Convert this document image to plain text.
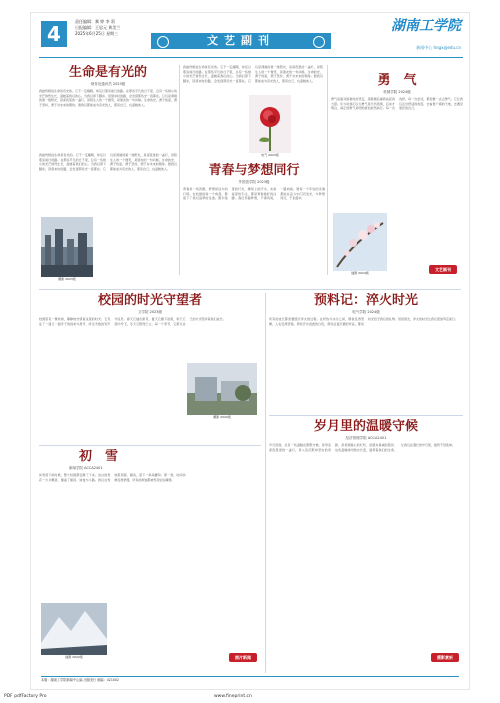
4
责任编辑：黎 婷 李 莉
日报编辑：王思元 黄美兰
2025年6月25日 星期三
文艺副刊
湖南工学院
新闻中心 hngx@edu.cn
生命是有光的
财务处通讯员 2023级
我始终相信生命是有光的。它不一定耀眼，却足以照亮前行的路。在那些平凡的日子里，总有一些细小的光芒悄然生长，温暖着我们的心。当我们停下脚步，回望来时的路，会发现那些光一直都在。它们是清晨的第一缕阳光，是深夜里的一盏灯，是陌生人的一个微笑，是朋友的一句问候。生命的光，源于热爱，源于坚持，源于对未来的期待。愿我们都能成为有光的人，照亮自己，也温暖他人。
我始终相信生命是有光的。它不一定耀眼，却足以照亮前行的路。在那些平凡的日子里，总有一些细小的光芒悄然生长，温暖着我们的心。当我们停下脚步，回望来时的路，会发现那些光一直都在。它们是清晨的第一缕阳光，是深夜里的一盏灯，是陌生人的一个微笑，是朋友的一句问候。生命的光，源于热爱，源于坚持，源于对未来的期待。愿我们都能成为有光的人，照亮自己，也温暖他人。
摄影 2023级
我始终相信生命是有光的。它不一定耀眼，却足以照亮前行的路。在那些平凡的日子里，总有一些细小的光芒悄然生长，温暖着我们的心。当我们停下脚步，回望来时的路，会发现那些光一直都在。它们是清晨的第一缕阳光，是深夜里的一盏灯，是陌生人的一个微笑，是朋友的一句问候。生命的光，源于热爱，源于坚持，源于对未来的期待。愿我们都能成为有光的人，照亮自己，也温暖他人。
电气 2023级
勇　气
机械学院 2024级
勇气是面对困难时的坚定，是跌倒后重新站起的力量。年少时我们以为勇气是无所畏惧，后来才明白，真正的勇气是明知害怕依然前行。每一次选择，每一次尝试，都需要一点点勇气。它让我们走出舒适的角落，去看更广阔的天地，去遇见更好的自己。
插图 2024级
文艺副刊
青春与梦想同行
外国语学院 2023级
青春是一场奔跑，梦想是远方的灯塔。在校园的每一个角落，都留下了我们追梦的足迹。图书馆里的灯光，操场上的汗水，实验室里的专注，都是青春最好的注脚。我们怀揣梦想，不惧风雨，一路向前。愿每一个年轻的灵魂都能在奋斗中闪闪发光，与梦想同行，不负韶华。
校园的时光守望者
文学院 2023级
校园里有一棵老树，静静地守望着这里的时光。它见证了一届又一届学子的到来与离开，听过无数的笑声与叹息。春天它抽出新芽，夏天它撒下浓荫，秋天它落叶纷飞，冬天它默然伫立。每一个季节，它都以自己的方式陪伴着我们成长。
摄影 2022级
预料记：淬火时光
电气学院 2024级
所有的成长都需要经历淬火的过程。在炽热与冰冷之间，钢铁变得坚硬，人也变得坚强。那些汗水浸透的日夜，那些反复打磨的作品，都是时光给予我们的礼物。回首望去，淬火的时光让我们更加笃定前行。
初　雪
新闻学院 ACCA2401
初雪落下的时候，整个校园都安静了下来。洁白的雪花一片片飘落，覆盖了屋顶、树枝与小路。我们在雪地里奔跑、嬉戏，留下一串串脚印。那一刻，时间仿佛变得很慢，所有的烦恼都被雪花轻轻掩埋。
插图 2022级	图片新闻
岁月里的温暖守候
经济管理学院 ACCA2401
岁月流转，总有一些温暖在默默守候。是母亲深夜里留的一盏灯，是父亲沉默却坚实的背影，是老师耐心的叮咛，是朋友真诚的陪伴。这些温暖如同细水长流，滋养着我们的生命，让我们在漫长的岁月里，始终不觉孤单。
摄影赏析
本版：湖南工学院新闻中心编 出版发行 邮编：421002
PDF pdfFactory Pro	www.fineprint.cn
